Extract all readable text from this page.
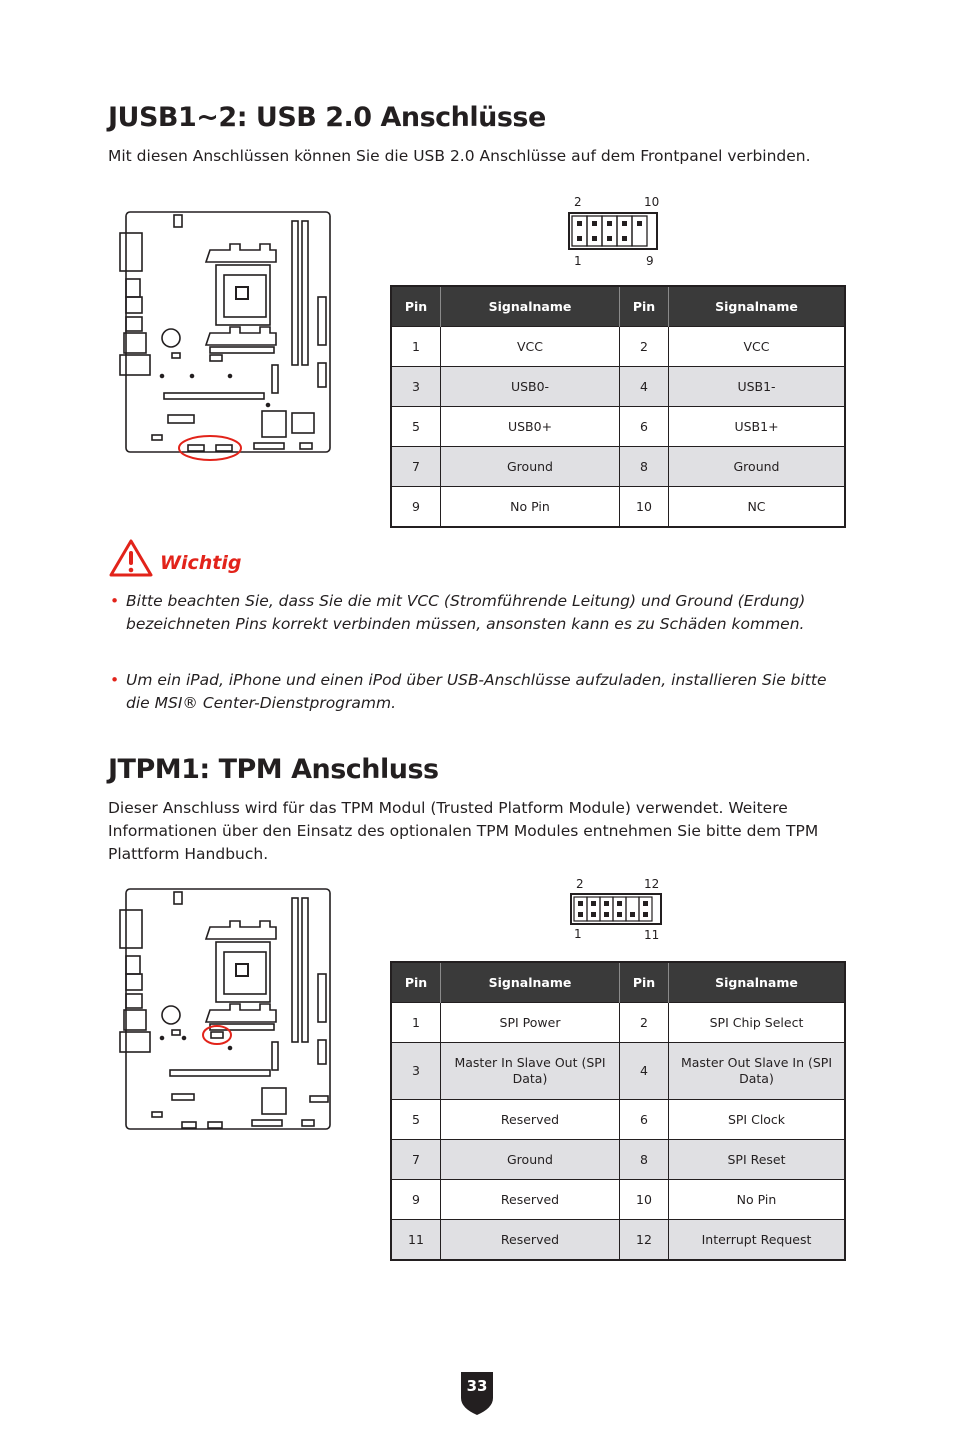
JUSB1~2: USB 2.0 Anschlüsse

Mit diesen Anschlüssen können Sie die USB 2.0 Anschlüsse auf dem Frontpanel verbinden.

2	10
1	9
Pin	Signalname	Pin	Signalname
1	VCC	2	VCC
3	USB0-	4	USB1-
5	USB0+	6	USB1+
7	Ground	8	Ground
9	No Pin	10	NC
Wichtig
• Bitte beachten Sie, dass Sie die mit VCC (Stromführende Leitung) und Ground (Erdung) bezeichneten Pins korrekt verbinden müssen, ansonsten kann es zu Schäden kommen.
• Um ein iPad, iPhone und einen iPod über USB-Anschlüsse aufzuladen, installieren Sie bitte die MSI® Center-Dienstprogramm.
JTPM1: TPM Anschluss

Dieser Anschluss wird für das TPM Modul (Trusted Platform Module) verwendet. Weitere Informationen über den Einsatz des optionalen TPM Modules entnehmen Sie bitte dem TPM Plattform Handbuch.

2	12
1	11
Pin	Signalname	Pin	Signalname
1	SPI Power	2	SPI Chip Select
3	Master In Slave Out (SPI Data)	4	Master Out Slave In (SPI Data)
5	Reserved	6	SPI Clock
7	Ground	8	SPI Reset
9	Reserved	10	No Pin
11	Reserved	12	Interrupt Request
33
